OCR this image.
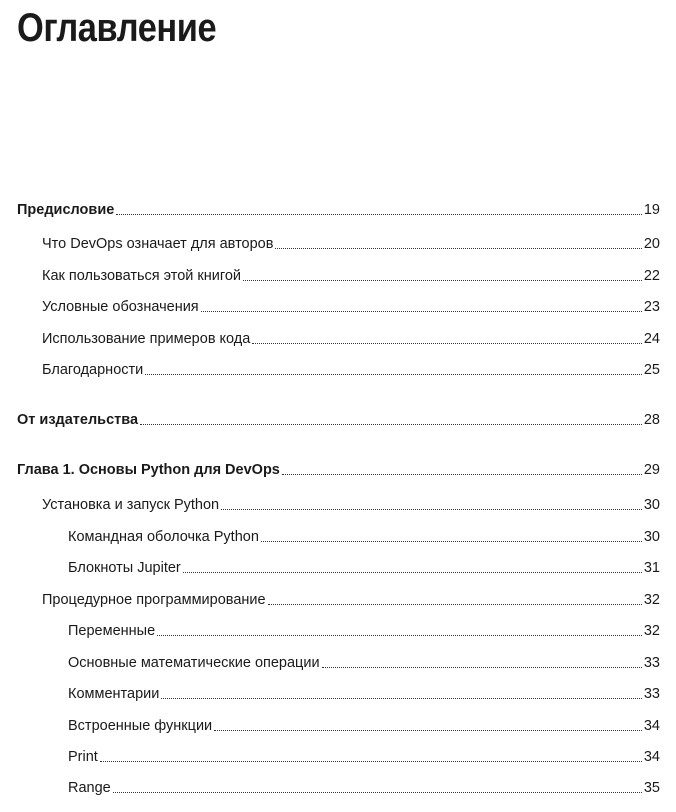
Оглавление
Предисловие	19
Что DevOps означает для авторов	20
Как пользоваться этой книгой	22
Условные обозначения	23
Использование примеров кода	24
Благодарности	25
От издательства	28
Глава 1. Основы Python для DevOps	29
Установка и запуск Python	30
Командная оболочка Python	30
Блокноты Jupiter	31
Процедурное программирование	32
Переменные	32
Основные математические операции	33
Комментарии	33
Встроенные функции	34
Print	34
Range	35
